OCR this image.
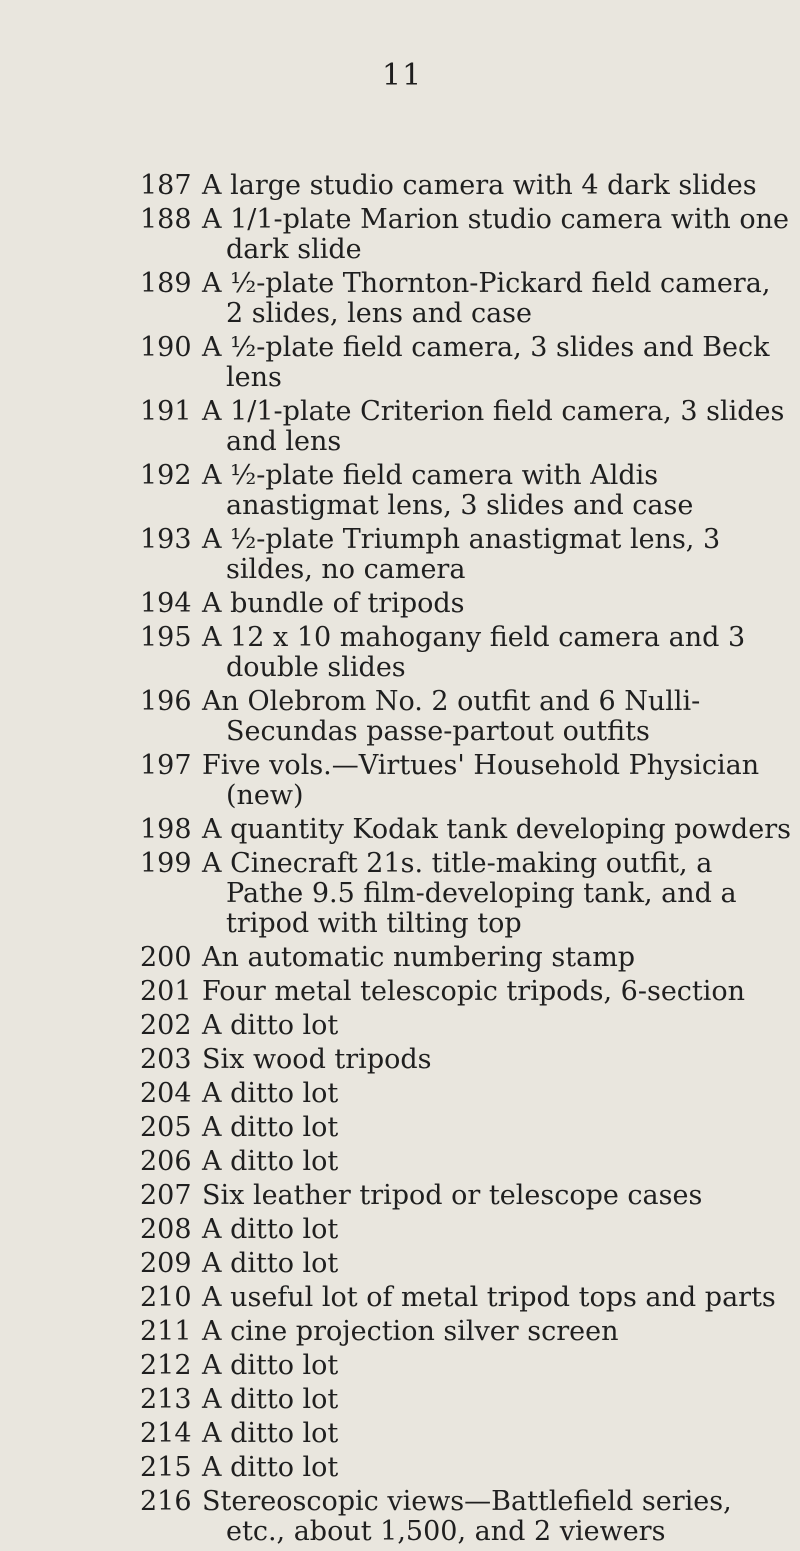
11
187 A large studio camera with 4 dark slides
188 A 1/1-plate Marion studio camera with one dark slide
189 A ½-plate Thornton-Pickard field camera, 2 slides, lens and case
190 A ½-plate field camera, 3 slides and Beck lens
191 A 1/1-plate Criterion field camera, 3 slides and lens
192 A ½-plate field camera with Aldis anastigmat lens, 3 slides and case
193 A ½-plate Triumph anastigmat lens, 3 sildes, no camera
194 A bundle of tripods
195 A 12 x 10 mahogany field camera and 3 double slides
196 An Olebrom No. 2 outfit and 6 Nulli-Secundas passe-partout outfits
197 Five vols.—Virtues' Household Physician (new)
198 A quantity Kodak tank developing powders
199 A Cinecraft 21s. title-making outfit, a Pathe 9.5 film-developing tank, and a tripod with tilting top
200 An automatic numbering stamp
201 Four metal telescopic tripods, 6-section
202 A ditto lot
203 Six wood tripods
204 A ditto lot
205 A ditto lot
206 A ditto lot
207 Six leather tripod or telescope cases
208 A ditto lot
209 A ditto lot
210 A useful lot of metal tripod tops and parts
211 A cine projection silver screen
212 A ditto lot
213 A ditto lot
214 A ditto lot
215 A ditto lot
216 Stereoscopic views—Battlefield series, etc., about 1,500, and 2 viewers
